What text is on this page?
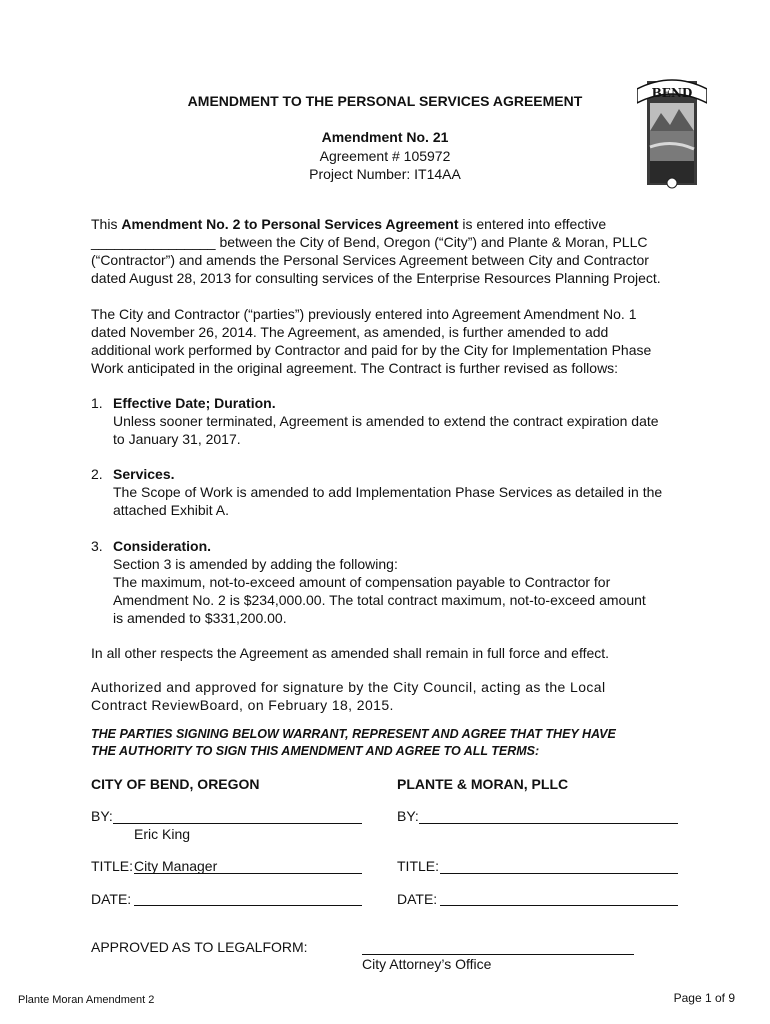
BEND
AMENDMENT TO THE PERSONAL SERVICES AGREEMENT
Amendment No. 21
Agreement # 105972
Project Number: IT14AA
This Amendment No. 2 to Personal Services Agreement is entered into effective
________________ between the City of Bend, Oregon (“City”) and Plante & Moran, PLLC
(“Contractor”) and amends the Personal Services Agreement between City and Contractor
dated August 28, 2013 for consulting services of the Enterprise Resources Planning Project.
The City and Contractor (“parties”) previously entered into Agreement Amendment No. 1
dated November 26, 2014. The Agreement, as amended, is further amended to add
additional work performed by Contractor and paid for by the City for Implementation Phase
Work anticipated in the original agreement. The Contract is further revised as follows:
1. Effective Date; Duration.
Unless sooner terminated, Agreement is amended to extend the contract expiration date
to January 31, 2017.
2. Services.
The Scope of Work is amended to add Implementation Phase Services as detailed in the
attached Exhibit A.
3. Consideration.
Section 3 is amended by adding the following:
The maximum, not-to-exceed amount of compensation payable to Contractor for
Amendment No. 2 is $234,000.00. The total contract maximum, not-to-exceed amount
is amended to $331,200.00.
In all other respects the Agreement as amended shall remain in full force and effect.
Authorized and approved for signature by the City Council, acting as the Local
Contract ReviewBoard, on February 18, 2015.
THE PARTIES SIGNING BELOW WARRANT, REPRESENT AND AGREE THAT THEY HAVE
THE AUTHORITY TO SIGN THIS AMENDMENT AND AGREE TO ALL TERMS:
CITY OF BEND, OREGON	PLANTE & MORAN, PLLC
BY:	BY:
Eric King
TITLE: City Manager	TITLE:
DATE:	DATE:
APPROVED AS TO LEGALFORM:
City Attorney’s Office
Plante Moran Amendment 2	Page 1 of 9
